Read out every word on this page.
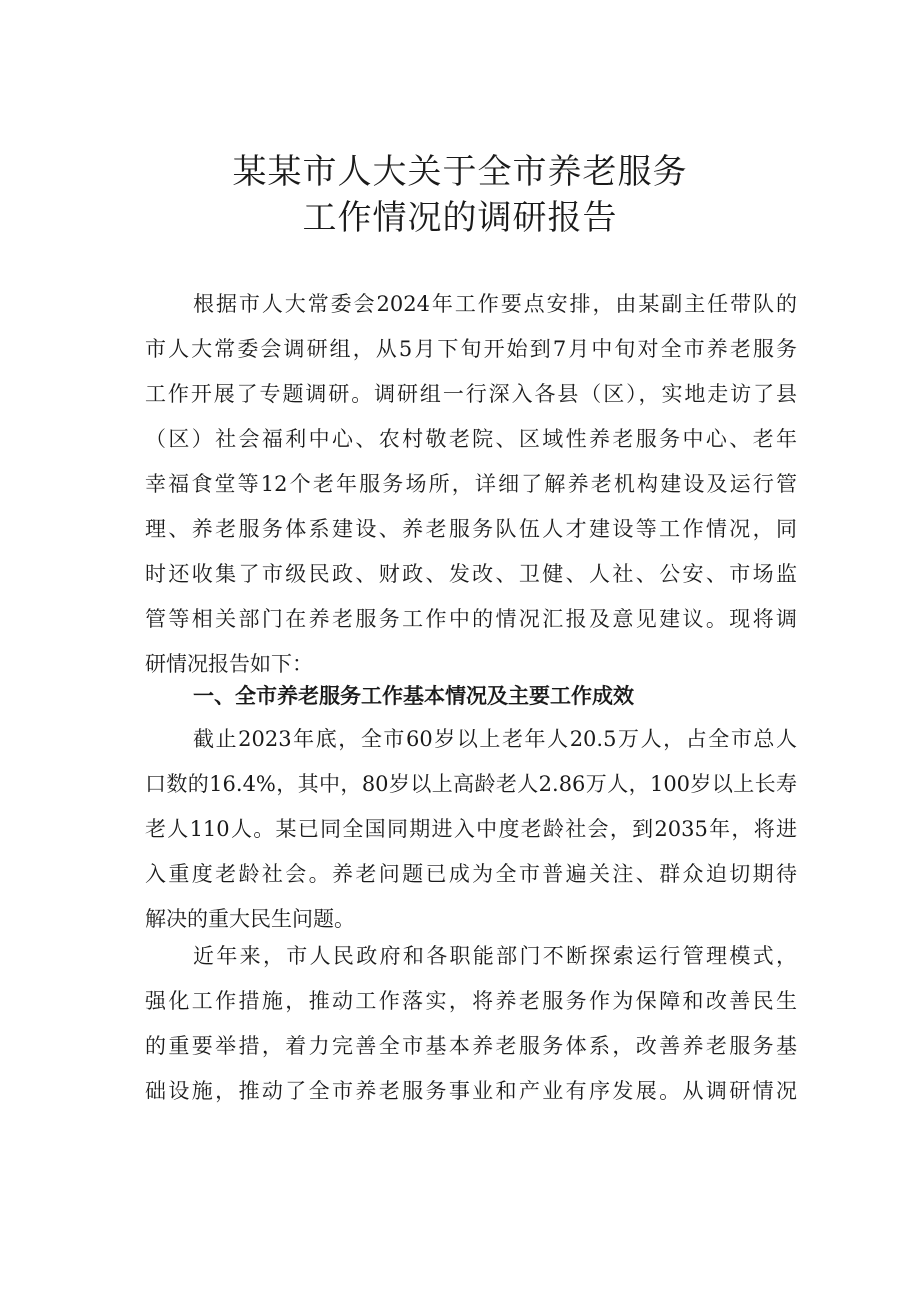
某某市人大关于全市养老服务
工作情况的调研报告
根据市人大常委会2024年工作要点安排，由某副主任带队的
市人大常委会调研组，从5月下旬开始到7月中旬对全市养老服务
工作开展了专题调研。调研组一行深入各县（区），实地走访了县
（区）社会福利中心、农村敬老院、区域性养老服务中心、老年
幸福食堂等12个老年服务场所，详细了解养老机构建设及运行管
理、养老服务体系建设、养老服务队伍人才建设等工作情况，同
时还收集了市级民政、财政、发改、卫健、人社、公安、市场监
管等相关部门在养老服务工作中的情况汇报及意见建议。现将调
研情况报告如下：
一、全市养老服务工作基本情况及主要工作成效
截止2023年底，全市60岁以上老年人20.5万人，占全市总人
口数的16.4%，其中，80岁以上高龄老人2.86万人，100岁以上长寿
老人110人。某已同全国同期进入中度老龄社会，到2035年，将进
入重度老龄社会。养老问题已成为全市普遍关注、群众迫切期待
解决的重大民生问题。
近年来，市人民政府和各职能部门不断探索运行管理模式，
强化工作措施，推动工作落实，将养老服务作为保障和改善民生
的重要举措，着力完善全市基本养老服务体系，改善养老服务基
础设施，推动了全市养老服务事业和产业有序发展。从调研情况
